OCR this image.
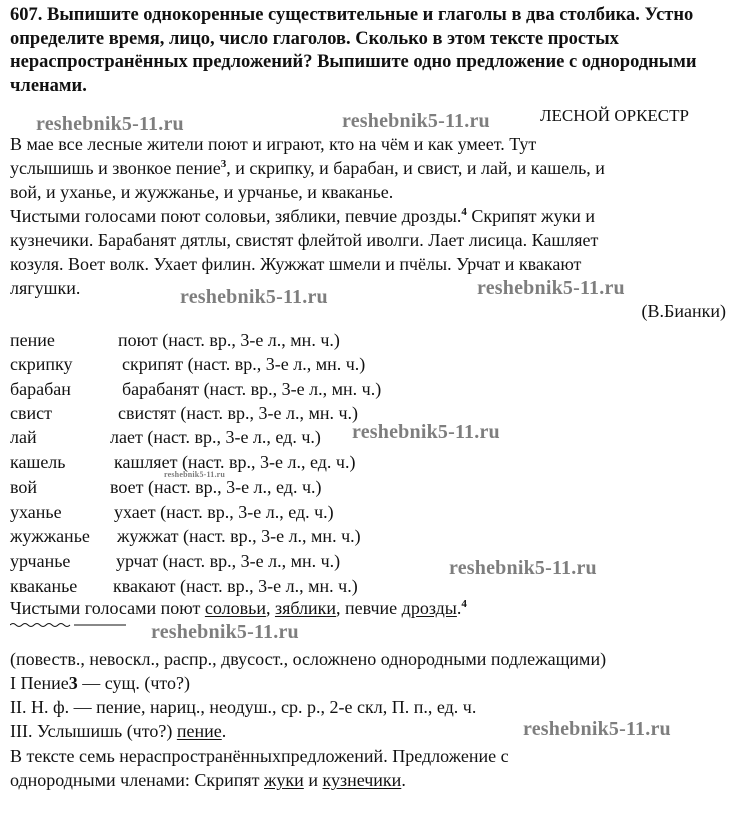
607. Выпишите однокоренные существительные и глаголы в два столбика. Устно определите время, лицо, число глаголов. Сколько в этом тексте простых нераспространённых предложений? Выпишите одно предложение с однородными членами.

ЛЕСНОЙ ОРКЕСТР
В мае все лесные жители поют и играют, кто на чём и как умеет. Тут
услышишь и звонкое пение$^3$, и скрипку, и барабан, и свист, и лай, и кашель, и
вой, и уханье, и жужжанье, и урчанье, и кваканье.
Чистыми голосами поют соловьи, зяблики, певчие дрозды.$^4$ Скрипят жуки и
кузнечики. Барабанят дятлы, свистят флейтой иволги. Лает лисица. Кашляет
козуля. Воет волк. Ухает филин. Жужжат шмели и пчёлы. Урчат и квакают
лягушки.
(В.Бианки)
пение	поют (наст. вр., 3-е л., мн. ч.)
скрипку	скрипят (наст. вр., 3-е л., мн. ч.)
барабан	барабанят (наст. вр., 3-е л., мн. ч.)
свист	свистят (наст. вр., 3-е л., мн. ч.)
лай	лает (наст. вр., 3-е л., ед. ч.)
кашель	кашляет (наст. вр., 3-е л., ед. ч.)
вой	воет (наст. вр., 3-е л., ед. ч.)
уханье	ухает (наст. вр., 3-е л., ед. ч.)
жужжанье жужжат (наст. вр., 3-е л., мн. ч.)
урчанье	урчат (наст. вр., 3-е л., мн. ч.)
кваканье квакают (наст. вр., 3-е л., мн. ч.)
Чистыми голосами поют соловьи, зяблики, певчие дрозды.$^4$
(повеств., невоскл., распр., двусост., осложнено однородными подлежащими)
I Пение3 — сущ. (что?)
II. Н. ф. — пение, нариц., неодуш., ср. р., 2-е скл, П. п., ед. ч.
III. Услышишь (что?) пение.
В тексте семь нераспространённыхпредложений. Предложение с
однородными членами: Скрипят жуки и кузнечики.
reshebnik5-11.ru	reshebnik5-11.ru
reshebnik5-11.ru	reshebnik5-11.ru
reshebnik5-11.ru
reshebnik5-11.ru
reshebnik5-11.ru
reshebnik5-11.ru
reshebnik5-11.ru
